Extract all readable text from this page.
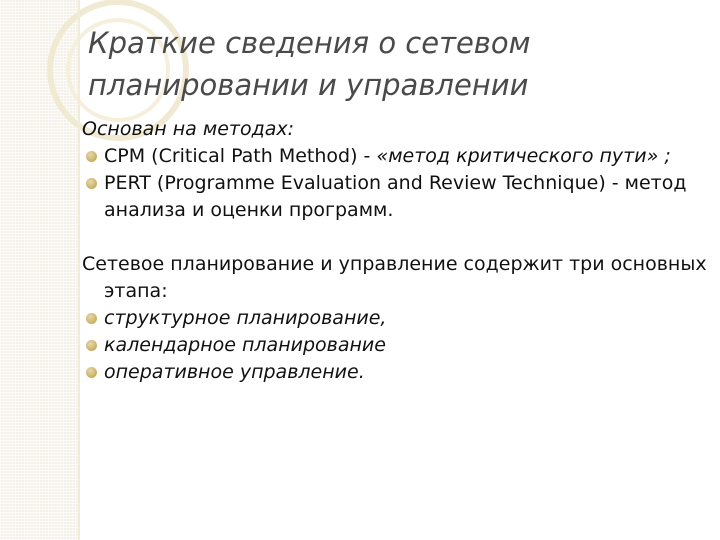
Краткие сведения о сетевом
планировании и управлении

Основан на методах:

CPM (Critical Path Method) - «метод критического пути» ;
PERT (Programme Evaluation and Review Technique) - метод анализа и оценки программ.

Сетевое планирование и управление содержит три основных этапа:

структурное планирование,
календарное планирование
оперативное управление.
